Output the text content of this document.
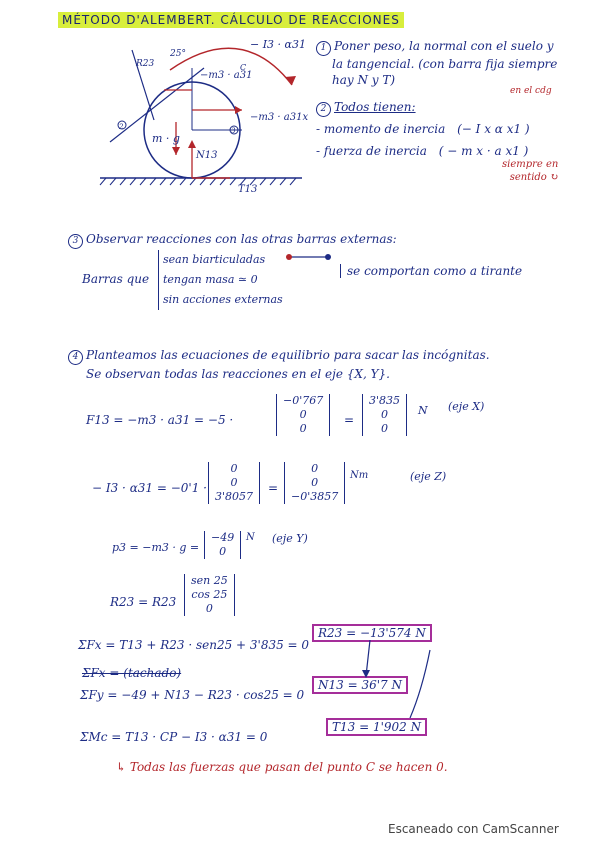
MÉTODO D'ALEMBERT. CÁLCULO DE REACCIONES
− I3 · α31
25°
R23
−m3 · a31
C
−m3 · a31x
m · g
N13
T13
2	3
1 Poner peso, la normal con el suelo y
la tangencial. (con barra fija siempre
hay N y T)
en el cdg
2 Todos tienen:
- momento de inercia (− I x α x1 )
- fuerza de inercia ( − m x · a x1 )
siempre en
sentido ↻
3 Observar reacciones con las otras barras externas:
Barras que
sean biarticuladas
tengan masa ≃ 0
sin acciones externas
se comportan como a tirante
4 Planteamos las ecuaciones de equilibrio para sacar las incógnitas.
Se observan todas las reacciones en el eje {X, Y}.
F13 = −m3 · a31 = −5 ·
−0'767
0
0
=
3'835
0
0
N (eje X)
− I3 · α31 = −0'1 ·
0
0
3'8057
=
0
0
−0'3857
Nm	(eje Z)
p3 = −m3 · g =
−49
0
N (eje Y)
R23 = R23
sen 25
cos 25
0
ΣFx = T13 + R23 · sen25 + 3'835 = 0
R23 = −13'574 N
ΣFx = (tachado)
ΣFy = −49 + N13 − R23 · cos25 = 0
N13 = 36'7 N
ΣMc = T13 · CP − I3 · α31 = 0
T13 = 1'902 N
↳ Todas las fuerzas que pasan del punto C se hacen 0.
Escaneado con CamScanner
